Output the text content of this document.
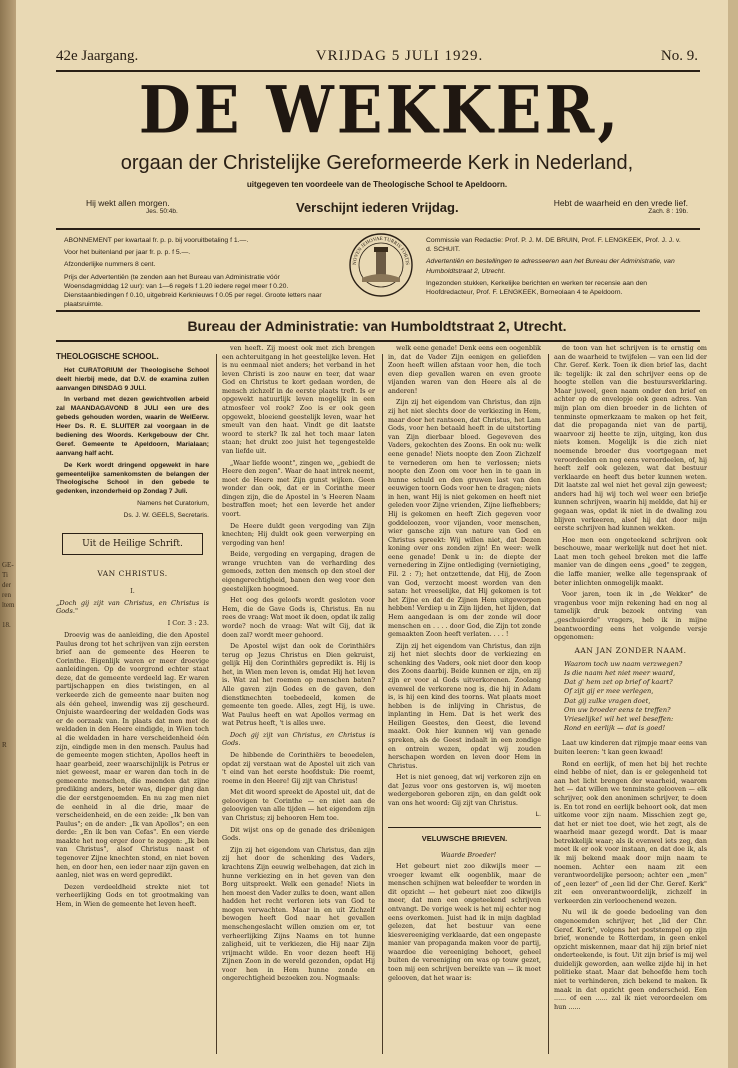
GE-
Ti
der
ren
ltem
18.
R
42e Jaargang.	VRIJDAG 5 JULI 1929.	No. 9.
DE WEKKER,
orgaan der Christelijke Gereformeerde Kerk in Nederland,
uitgegeven ten voordeele van de Theologische School te Apeldoorn.
Hij wekt allen morgen.
Jes. 50:4b.	Verschijnt iederen Vrijdag.	Hebt de waarheid en den vrede lief.
Zach. 8 : 19b.

ABONNEMENT per kwartaal fr. p. p. bij vooruitbetaling f 1.—.

Voor het buitenland per jaar fr. p. p. f 5.—.

Afzonderlijke nummers 8 cent.

Prijs der Advertentiën (te zenden aan het Bureau van Administratie vóór Woensdagmiddag 12 uur): van 1—6 regels f 1.20 iedere regel meer f 0.20. Dienstaanbiedingen f 0.10, uitgebreid Kerknieuws f 0.05 per regel. Groote letters naar plaatsruimte.

NOVEN JEHOVAE TURRIS FORTIS

Commissie van Redactie: Prof. P. J. M. DE BRUIN, Prof. F. LENGKEEK, Prof. J. J. v. d. SCHUIT.

Advertentiën en bestellingen te adresseeren aan het Bureau der Administratie, van Humboldtstraat 2, Utrecht.

Ingezonden stukken, Kerkelijke berichten en werken ter recensie aan den Hoofdredacteur, Prof. F. LENGKEEK, Borneolaan 4 te Apeldoorn.

Bureau der Administratie: van Humboldtstraat 2, Utrecht.
THEOLOGISCHE SCHOOL.

Het CURATORIUM der Theologische School deelt hierbij mede, dat D.V. de examina zullen aanvangen DINSDAG 9 JULI.

In verband met dezen gewichtvollen arbeid zal MAANDAGAVOND 8 JULI een ure des gebeds gehouden worden, waarin de WelEerw. Heer Ds. R. E. SLUITER zal voorgaan in de bediening des Woords. Kerkgebouw der Chr. Geref. Gemeente te Apeldoorn, Marialaan; aanvang half acht.

De Kerk wordt dringend opgewekt in hare gemeentelijke samenkomsten de belangen der Theologische School in den gebede te gedenken, inzonderheid op Zondag 7 Juli.

Namens het Curatorium,

Ds. J. W. GEELS, Secretaris.

Uit de Heilige Schrift.
VAN CHRISTUS.

I.

„Doch gij zijt van Christus, en Christus is Gods."

I Cor. 3 : 23.

Droevig was de aanleiding, die den Apostel Paulus drong tot het schrijven van zijn eersten brief aan de gemeente des Heeren te Corinthe. Eigenlijk waren er meer droevige aanleidingen. Op de voorgrond echter staat deze, dat de gemeente verdeeld lag. Er waren partijschappen en dies twistingen, en al verkeerde zich de gemeente naar buiten nog als één geheel, inwendig was zij gescheurd. Onjuiste waardeering der weldaden Gods was er de oorzaak van. In plaats dat men met de weldaden in den Heere eindigde, in Wien toch al die weldaden in hare verscheidenheid één zijn, eindigde men in den mensch. Paulus had de gemeente mogen stichten, Apollos heeft in haar gearbeid, zeer waarschijnlijk is Petrus er niet geweest, maar er waren dan toch in de gemeente menschen, die meenden dat zijne prediking anders, beter was, dieper ging dan die der eerstgenoemden. En nu zag men niet de eenheid in al die drie, maar de verscheidenheid, en de een zeide: „Ik ben van Paulus"; en de ander: „Ik van Apollos"; en een derde: „En ik ben van Cefas". En een vierde maakte het nog erger door te zeggen: „Ik ben van Christus", alsof Christus naast of tegenover Zijne knechten stond, en niet boven hen, en door hen, een ieder naar zijn gaven en aanleg, niet was en werd gepredikt.

Dezen verdeeldheid strekte niet tot verheerlijking Gods en tot grootmaking van Hem, in Wien de gemeente het leven heeft.

ven heeft. Zij moest ook met zich brengen een achteruitgang in het geestelijke leven. Het is nu eenmaal niet anders; het verband in het leven Christi is zoo nauw en teer, dat waar God en Christus te kort gedaan worden, de mensch zichzelf in de eerste plaats treft. Is er opgewekt natuurlijk leven mogelijk in een atmosfeer vol rook? Zoo is er ook geen opgewekt, bloeiend geestelijk leven, waar het smeult van den haat. Vindt ge dit laatste woord te sterk? Ik zal het toch maar laten staan; het drukt zoo juist het tegengestelde van liefde uit.

„Waar liefde woont", zingen we, „gebiedt de Heere den zegen". Waar de haat intrek neemt, moet de Heere met Zijn gunst wijken. Geen wonder dan ook, dat er in Corinthe meer dingen zijn, die de Apostel in 's Heeren Naam bestraffen moet; het een leverde het ander voort.

De Heere duldt geen vergoding van Zijn knechten; Hij duldt ook geen verwerping en vergoding van hen!

Beide, vergoding en vergaping, dragen de wrange vruchten van de verharding des gemoeds, zetten den mensch op den stoel der eigengerechtigheid, banen den weg voor den geestelijken hoogmoed.

Het oog des geloofs wordt gesloten voor Hem, die de Gave Gods is, Christus. En nu rees de vraag: Wat moet ik doen, opdat ik zalig worde? noch de vraag: Wat wilt Gij, dat ik doen zal? wordt meer gehoord.

De Apostel wijst dan ook de Corinthiërs terug op Jezus Christus en Dien gekruist, gelijk Hij den Corinthiërs gepredikt is. Hij is het, in Wien men leven is, omdat Hij het leven is. Wat zal het roemen op menschen baten? Alle gaven zijn Godes en de gaven, den dienstknechten toebedeeld, komen de gemeente ten goede. Alles, zegt Hij, is uwe. Wat Paulus heeft en wat Apollos vermag en wat Petrus heeft, 't is alles uwe.

Doch gij zijt van Christus, en Christus is Gods.

De hibbende de Corinthiërs te beoedelen, opdat zij verstaan wat de Apostel uit zich van 't eind van het eerste hoofdstuk: Die roemt, roeme in den Heere! Gij zijt van Christus!

Met dit woord spreekt de Apostel uit, dat de geloovigen te Corinthe — en niet aan de geloovigen van alle tijden — het eigendom zijn van Christus; zij behooren Hem toe.

Dit wijst ons op de genade des driëenigen Gods.

Zijn zij het eigendom van Christus, dan zijn zij het door de schenking des Vaders, krachtens Zijn eeuwig welbehagen, dat zich in hunne verkiezing en in het geven van den Borg uitspreekt. Welk een genade! Niets in hen moest den Vader zulks te doen, want allen hadden het recht verloren iets van God te mogen verwachten. Maar in en uit Zichzelf bewogen heeft God naar het gevallen menschengeslacht willen omzien om er, tot verheerlijking Zijns Naams en tot hunne zaligheid, uit te verkiezen, die Hij naar Zijn vrijmacht wilde. En voor dezen heeft Hij Zijnen Zoon in de wereld gezonden, opdat Hij voor hen in Hem hunne zonde en ongerechtigheid bezoeken zou. Nogmaals:

welk eene genade! Denk eens een oogenblik in, dat de Vader Zijn eenigen en geliefden Zoon heeft willen afstaan voor hen, die toch even diep gevallen waren en even groote vijanden waren van den Heere als al de anderen!

Zijn zij het eigendom van Christus, dan zijn zij het niet slechts door de verkiezing in Hem, maar door het rantsoen, dat Christus, het Lam Gods, voor hen betaald heeft in de uitstorting van Zijn dierbaar bloed. Gegeveven des Vaders, gekochten des Zoons. En ook nu: welk eene genade! Niets noopte den Zoon Zichzelf te vernederen om hen te verlossen; niets noopte den Zoon om voor hen in te gaan in hunne schuld en den gruwen last van den eeuwigen toorn Gods voor hen te dragen; niets in hen, want Hij is niet gekomen en heeft niet geleden voor Zijne vrienden, Zijne liefhebbers; Hij is gekomen en heeft Zich gegeven voor goddeloozen, voor vijanden, voor menschen, wier gansche zijn van nature van God en Christus spreekt: Wij willen niet, dat Dezen koning over ons zonden zijn! En weer: welk eene genade! Denk u in: de diepte der vernedering in Zijne ontlediging (vernietiging, Fil. 2 : 7); het ontzettende, dat Hij, de Zoon van God, verzocht moest worden van den satan: het vreeselijke, dat Hij gekomen is tot het Zijne en dat de Zijnen Hem uitgeworpen hebben! Verdiep u in Zijn lijden, het lijden, dat Hem aangedaan is om der zonde wil door menschen en . . . . door God, die Zijn tot zonde gemaakten Zoon heeft verlaten. . . . !

Zijn zij het eigendom van Christus, dan zijn zij het niet slechts door de verkiezing en schenking des Vaders, ook niet door den koop des Zoons daarbij. Beide kunnen er zijn, en zij zijn er voor al Gods uitverkorenen. Zoolang evenwel de verkorene nog is, die hij in Adam is, is hij een kind des toorns. Wat plaats moet hebben is de inlijving in Christus, de inplanting in Hem. Dat is het werk des Heiligen Geestes, den Geest, die levend maakt. Ook hier kunnen wij van genade spreken, als de Geest indaalt in een zondige en ontrein wezen, opdat wij zouden herschapen worden en leven door Hem in Christus.

Het is niet genoeg, dat wij verkoren zijn en dat Jezus voor ons gestorven is, wij moeten wedergeboren geboren zijn, en dan geldt ook van ons het woord: Gij zijt van Christus.

L.

VELUWSCHE BRIEVEN.

Waarde Broeder!

Het gebeurt niet zoo dikwijls meer — vroeger kwamt elk oogenblik, maar de menschen schijnen wat beleefder te worden in dit opzicht — het gebeurt niet zoo dikwijls meer, dat men een ongeteekend schrijven ontvangt. De vorige week is het mij echter nog eens overkomen. Juist had ik in mijn dagblad gelezen, dat het bestuur van eene kiesvereeniging verklaarde, dat een ongepaste manier van propaganda maken voor de partij, waardoe die vereeniging behoort, geheel buiten de vereeniging om was op touw gezet, toen mij een schrijven bereikte van — ik moet gelooven, dat het waar is:

de toon van het schrijven is te ernstig om aan de waarheid te twijfelen — van een lid der Chr. Geref. Kerk. Toen ik dien brief las, dacht ik: tegelijk: ik zal den schrijver eens op de hoogte stellen van die bestuursverklaring. Maar juweel, geen naam onder den brief en achter op de envelopje ook geen adres. Van mijn plan om dien broeder in de lichten of tenminste opmerkzaam te maken op het feit, dat die propaganda niet van de partij, waarvoor zij heette te zijn, uitging, kon dus niets komen. Mogelijk is die zich niet noemende broeder dus voortgegaan met veroordeelen en nog eens veroordeelen, of, hij heeft zelf ook gelezen, wat dat bestuur verklaarde en heeft dus beter kunnen weten. Dit laatste zal wel niet het geval zijn geweest; anders had hij wij toch wel weer een briefje kunnen schrijven, waarin hij meldde, dat hij er gegaan was, opdat ik niet in de dwaling zou blijven verkeeren, alsof hij dat door mijn eerste schrijven had kunnen wekken.

Hoe men een ongeteekend schrijven ook beschouwe, maar werkelijk nut doet het niet. Laat men toch geheel breken met die laffe manier van de dingen eens „goed" te zeggen, die laffe manier, welke alle tegenspraak of beter inlichten onmogelijk maakt.

Voor jaren, toen ik in „de Wekker" de vragenbus voor mijn rekening had en nog al tamelijk druk bezoek ontving van „geschuierde" vragers, heb ik in mijne beantwoording eens het volgende versje opgenomen:

AAN JAN ZONDER NAAM.
Waarom toch uw naam verzwegen?
Is die naam het niet meer waard,
Dat g' hem zet op brief of kaart?
Of zijt gij er mee verlegen,
Dat gij zulke vragen doet,
Om uw broeder eens te treffen?
Vrieselijke! wil het wel beseffen:
Rond en eerlijk — dat is goed!

Laat uw kinderen dat rijmpje maar eens van buiten leeren: 't kan geen kwaad!

Rond en eerlijk, of men het bij het rechte eind hebbe of niet, dan is er gelegenheid tot aan het licht brengen der waarheid, waarom het — dat willen we tenminste gelooven — elk schrijver, ook den anonimen schrijver, te doen is. En tot rond en eerlijk behoort ook, dat men uitkome voor zijn naam. Misschien zegt ge, dat het er niet toe doet, wie het zegt, als de waarheid maar gezegd wordt. Dat is maar betrekkelijk waar; als ik evenwel iets zeg, dan moet ik er ook voor instaan, en dat doe ik, als ik mij bekend maak door mijn naam te noemen. Achter een naam zit een verantwoordelijke persoon; achter een „men" of „een lezer" of „een lid der Chr. Geref. Kerk" zit een onverantwoordelijk, zichzelf in verkeerden zin verloochenend wezen.

Nu wil ik de goede bedoeling van den ongenoemden schrijver, het „lid der Chr. Geref. Kerk", volgens het poststempel op zijn brief, wonende te Rotterdam, in geen enkel opzicht miskennen, maar dat hij zijn brief niet onderteekende, is fout. Uit zijn brief is mij wel duidelijk geworden, aan welke zijde hij in het politieke staat. Maar dat behoefde hem toch niet te verhinderen, zich bekend te maken. Ik maak in dat opzicht geen onderscheid. Een ...... of een ...... zal ik niet veroordeelen om hun ......
